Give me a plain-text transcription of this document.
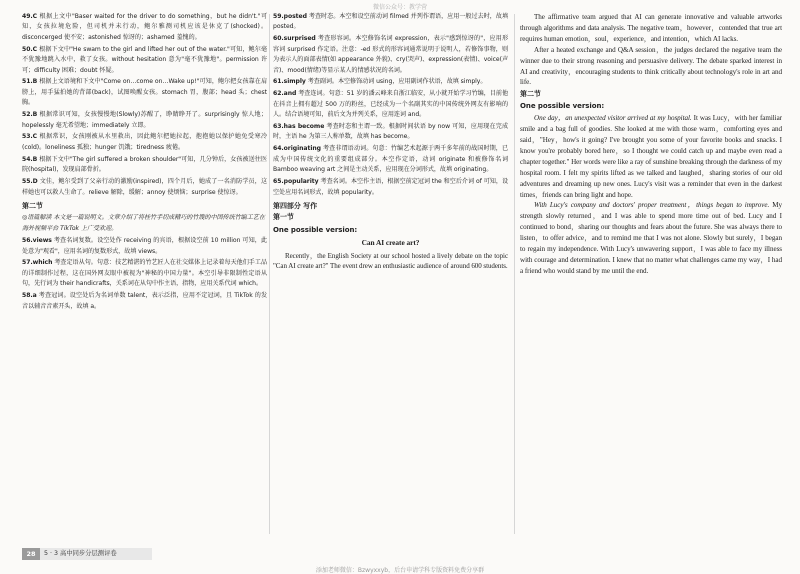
微信公众号：教学营
49.C 根据上文中"Baser waited for the driver to do something，but he didn't."可知，女孩拉境危险，但司机并未行动，鲍尔雅测司机应该是休克了(shocked)。disconcerged 使不安；astonished 惊讶的；ashamed 羞愧的。
50.C 根据下文中"He swam to the girl and lifted her out of the water."可知，鲍尔毫不犹豫地跳入水中，救了女孩。without hesitation 意为"毫不犹豫地"。permission 许可；difficulty 困难；doubt 怀疑。
51.B 根据上文语境和下文中"Come on…come on…Wake up!"可知，鲍尔把女孩靠在肩膀上，用手猛拍她的背部(back)，试图唤醒女孩。stomach 胃，腹部；head 头；chest 胸。
52.B 根据常识可知，女孩慢慢地(Slowly)苏醒了，睁睛睁开了。surprisingly 惊人地；hopelessly 毫无希望地；immediately 立即。
53.C 根据常识，女孩刚被从水里救出，因此鲍尔把她拉起，抱抱她以保护她免受寒冷(cold)。loneliness 孤独；hunger 饥饿；tiredness 疲倦。
54.B 根据下文中"The girl suffered a broken shoulder"可知，几分钟后，女孩被送往医院(hospital)，发现肩部骨折。
55.D 文佳，鲍尔受到了父亲行动的激励(inspired)，四个月后，她成了一名消防学员，这样她也可以救人生命了。relieve 解除，缓解；annoy 使烦恼；surprise 使惊讶。
第二节
◎语篇解读 本文是一篇说明文。文章介绍了将桂竹手切成精巧的竹篾的中国传统竹编工艺在海外视频平台 TikTok 上广受欢迎。
56.views 考查名词复数。设空处作 receiving 的宾语，根据设空前 10 million 可知，此处意为"观看"，应用名词的复数形式，故填 views。
57.which 考查定语从句。句意：技艺精湛的竹艺匠人在社交媒体上记录着每天他们手工品的详细制作过程，这在国外网友眼中被视为"神秘的中国力量"。本空引导非限制性定语从句，先行词为 their handicrafts，关系词在从句中作主语，指物，应用关系代词 which。
58.a 考查冠词。设空处后为名词单数 talent，表示泛指，应用不定冠词，且 TikTok 的发音以辅音音素开头，故填 a。
59.posted 考查时态。本空和设空前动词 filmed 并列作谓语，应用一般过去时，故填 posted。
60.surprised 考查形容词。本空修饰名词 expression，表示"感到惊讶的"，应用形容词 surprised 作定语。注意：-ed 形式的形容词通常说明于说明人，若修饰事物，则为表示人的面部表情(如 appearance 外貌)、cry(哭声)、expression(表情)、voice(声音)、mood(情绪)等显示某人的情感状况的名词。
61.simply 考查副词。本空修饰动词 using，应用副词作状语，故填 simply。
62.and 考查连词。句意：51 岁的潘云峰来自浙江临安，从小就开始学习竹编，目前他在抖音上拥有超过 500 万的粉丝，已经成为一个名副其实的中国传统外网友有影响的人。结合语境可知，前后文为并列关系，应用连词 and。
63.has become 考查时态和主谓一致。根据时间状语 by now 可知，应用现在完成时，主语 he 为第三人称单数，故填 has become。
64.originating 考查非谓语动词。句意：竹编艺术起源于两千多年前的战国时期，已成为中国传统文化的重要组成部分。本空作定语，动词 originate 和被修饰名词 Bamboo weaving art 之间是主动关系，应用现在分词形式，故填 originating。
65.popularity 考查名词。本空作主语，根据空前定冠词 the 和空后介词 of 可知，设空处应用名词形式，故填 popularity。
第四部分 写作
第一节
One possible version:
Can AI create art?

Recently，the English Society at our school hosted a lively debate on the topic "Can AI create art?" The event drew an enthusiastic audience of around 600 students.

The affirmative team argued that AI can generate innovative and valuable artworks through algorithms and data analysis. The negative team，however，contended that true art requires human emotion，soul，experience，and intention，which AI lacks.

After a heated exchange and Q&A session，the judges declared the negative team the winner due to their strong reasoning and persuasive delivery. The debate sparked interest in AI and creativity，encouraging students to think critically about technology's role in art and life.

第二节

One possible version:

One day，an unexpected visitor arrived at my hospital. It was Lucy，with her familiar smile and a bag full of goodies. She looked at me with those warm，comforting eyes and said，"Hey，how's it going? I've brought you some of your favorite books and snacks. I know you're probably bored here，so I thought we could catch up and maybe even read a chapter together." Her words were like a ray of sunshine breaking through the darkness of my hospital room. I felt my spirits lifted as we talked and laughed，sharing stories of our old adventures and dreaming up new ones. Lucy's visit was a reminder that even in the darkest times，friends can bring light and hope.

With Lucy's company and doctors' proper treatment，things began to improve. My strength slowly returned，and I was able to spend more time out of bed. Lucy and I continued to bond，sharing our thoughts and fears about the future. She was always there to listen，to offer advice，and to remind me that I was not alone. Slowly but surely，I began to regain my independence. With Lucy's unwavering support，I was able to face my illness with courage and determination. I knew that no matter what challenges came my way，I had a friend who would stand by me until the end.

28	5 · 3 高中同步分层测评卷
添加老师微信：Bzwyxxyb，后台申请学科专版资料免费分享群
